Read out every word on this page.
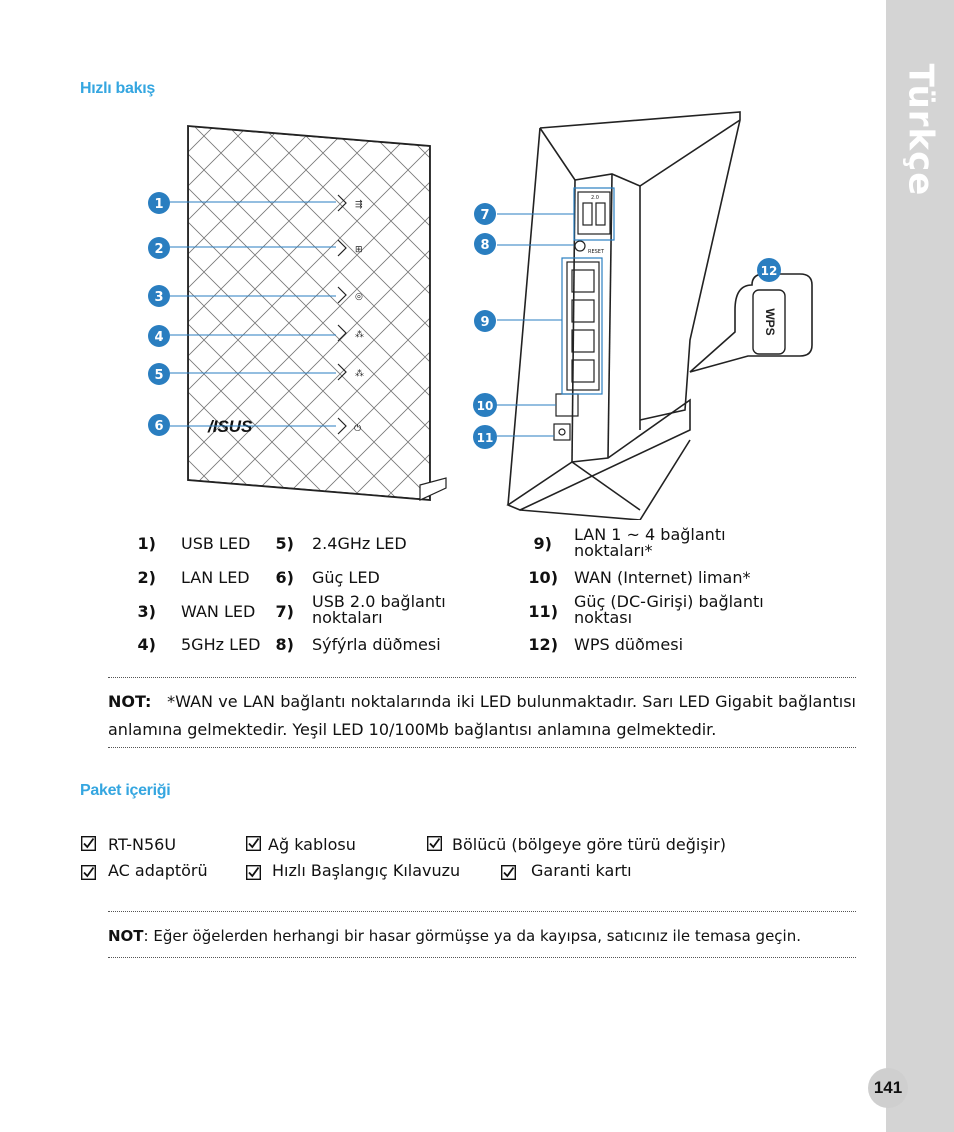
Türkçe
Hızlı bakış
⇶
⊞
◎
⁂
⁂
⏻
/ISUS
2.0
RESET
WPS
1
2
3
4
5
6
7
8
9
10
11
12
1) USB LED
2) LAN LED
3) WAN LED
4) 5GHz LED
5) 2.4GHz LED
6) Güç LED
7)
USB 2.0 bağlantı noktaları
8) Sýfýrla düðmesi
9) LAN 1 ~ 4 bağlantı noktaları*
10) WAN (Internet) liman*
11)
Güç (DC-Girişi) bağlantı noktası
12) WPS düðmesi
NOT: *WAN ve LAN bağlantı noktalarında iki LED bulunmaktadır. Sarı LED Gigabit bağlantısı anlamına gelmektedir. Yeşil LED 10/100Mb bağlantısı anlamına gelmektedir.
Paket içeriği
RT-N56U	Ağ kablosu	Bölücü (bölgeye göre türü değişir)
AC adaptörü	Hızlı Başlangıç Kılavuzu	Garanti kartı
NOT: Eğer öğelerden herhangi bir hasar görmüşse ya da kayıpsa, satıcınız ile temasa geçin.
141
